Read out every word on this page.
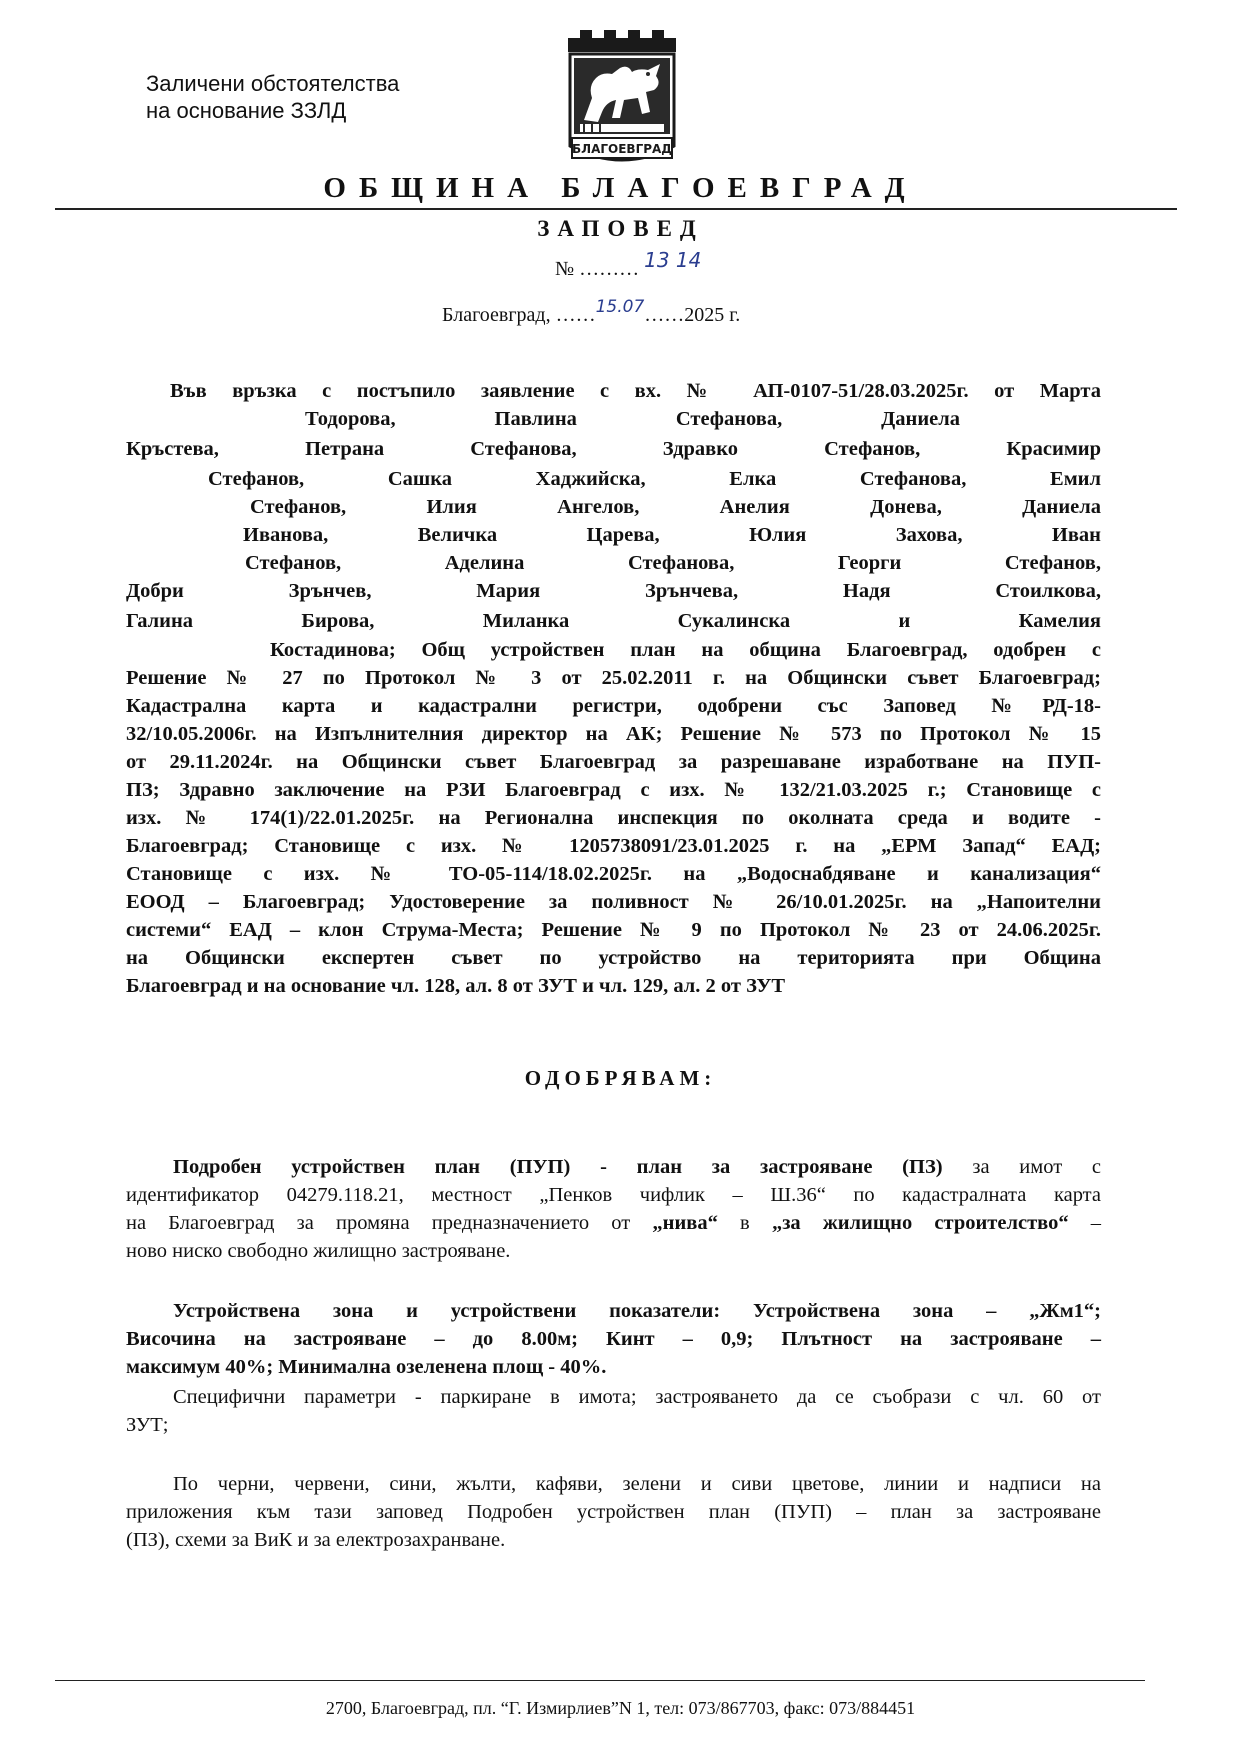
Заличени обстоятелства
на основание ЗЗЛД
БЛАГОЕВГРАД
ОБЩИНА БЛАГОЕВГРАД
ЗАПОВЕД
№ ……… 13 14
Благоевград, ……$^{15.07}$……2025 г.
Във връзка с постъпило заявление с вх. № АП-0107-51/28.03.2025г. от Марта
Тодорова, Павлина Стефанова, Даниела
Кръстева, Петрана Стефанова, Здравко Стефанов, Красимир
Стефанов, Сашка Хаджийска, Елка Стефанова, Емил
Стефанов, Илия Ангелов, Анелия Донева, Даниела
Иванова, Величка Царева, Юлия Захова, Иван
Стефанов, Аделина Стефанова, Георги Стефанов,
Добри Зрънчев, Мария Зрънчева, Надя Стоилкова,
Галина Бирова, Миланка Сукалинска и Камелия
Костадинова; Общ устройствен план на община Благоевград, одобрен с
Решение № 27 по Протокол № 3 от 25.02.2011 г. на Общински съвет Благоевград;
Кадастрална карта и кадастрални регистри, одобрени със Заповед №РД-18-
32/10.05.2006г. на Изпълнителния директор на АК; Решение № 573 по Протокол № 15
от 29.11.2024г. на Общински съвет Благоевград за разрешаване изработване на ПУП-
ПЗ; Здравно заключение на РЗИ Благоевград с изх. № 132/21.03.2025 г.; Становище с
изх. № 174(1)/22.01.2025г. на Регионална инспекция по околната среда и водите -
Благоевград; Становище с изх. № 1205738091/23.01.2025 г. на „ЕРМ Запад“ ЕАД;
Становище с изх. № ТО-05-114/18.02.2025г. на „Водоснабдяване и канализация“
ЕООД – Благоевград; Удостоверение за поливност № 26/10.01.2025г. на „Напоителни
системи“ ЕАД – клон Струма-Места; Решение № 9 по Протокол № 23 от 24.06.2025г.
на Общински експертен съвет по устройство на територията при Община
Благоевград и на основание чл. 128, ал. 8 от ЗУТ и чл. 129, ал. 2 от ЗУТ
ОДОБРЯВАМ:
Подробен устройствен план (ПУП) - план за застрояване (ПЗ) за имот с
идентификатор 04279.118.21, местност „Пенков чифлик – Ш.36“ по кадастралната карта
на Благоевград за промяна предназначението от „нива“ в „за жилищно строителство“ –
ново ниско свободно жилищно застрояване.
Устройствена зона и устройствени показатели: Устройствена зона – „Жм1“;
Височина на застрояване – до 8.00м; Кинт – 0,9; Плътност на застрояване –
максимум 40%; Минимална озеленена площ - 40%.
Специфични параметри - паркиране в имота; застрояването да се съобрази с чл. 60 от
ЗУТ;
По черни, червени, сини, жълти, кафяви, зелени и сиви цветове, линии и надписи на
приложения към тази заповед Подробен устройствен план (ПУП) – план за застрояване
(ПЗ), схеми за ВиК и за електрозахранване.
2700, Благоевград, пл. “Г. Измирлиев”N 1, тел: 073/867703, факс: 073/884451
